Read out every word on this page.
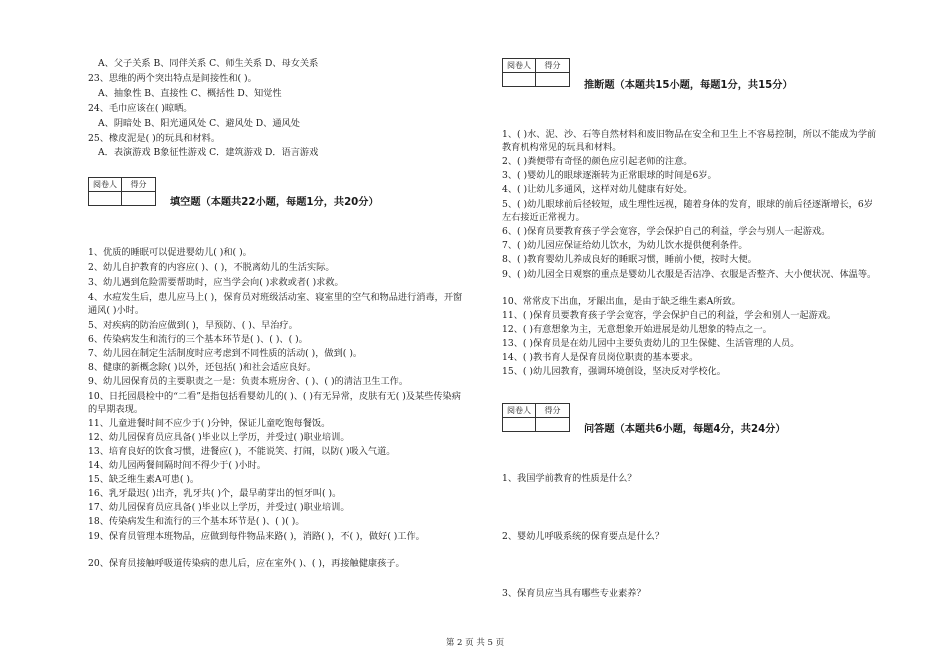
A、父子关系 B、同伴关系 C、师生关系 D、母女关系
23、思维的两个突出特点是间接性和( )。
A、抽象性 B、直接性 C、概括性 D、知觉性
24、毛巾应该在( )晾晒。
A、阴暗处 B、阳光通风处 C、避风处 D、通风处
25、橡皮泥是( )的玩具和材料。
A．表演游戏 B象征性游戏 C．建筑游戏 D．语言游戏
阅卷人	得分
填空题（本题共22小题，每题1分，共20分）
1、优质的睡眠可以促进婴幼儿( )和( )。
2、幼儿自护教育的内容应( )、( )，不脱离幼儿的生活实际。
3、幼儿遇到危险需要帮助时，应当学会向( )求救或者( )求救。
4、水痘发生后，患儿应马上( )，保育员对班级活动室、寝室里的空气和物品进行消毒，开窗通风( )小时。
5、对疾病的防治应做到( )，早预防、( )、早治疗。
6、传染病发生和流行的三个基本环节是( )、( )、( )。
7、幼儿园在制定生活制度时应考虑到不同性质的活动( )，做到( )。
8、健康的新概念除( )以外，还包括( )和社会适应良好。
9、幼儿园保育员的主要职责之一是：负责本班房舍、( )、( )的清洁卫生工作。
10、日托园晨检中的“二看”是指包括看婴幼儿的( )、( )有无异常，皮肤有无( )及某些传染病的早期表现。
11、儿童进餐时间不应少于( )分钟，保证儿童吃饱每餐饭。
12、幼儿园保育员应具备( )毕业以上学历，并受过( )职业培训。
13、培育良好的饮食习惯，进餐应( )，不能说笑、打闹，以防( )吸入气道。
14、幼儿园两餐间隔时间不得少于( )小时。
15、缺乏维生素A可患( )。
16、乳牙最迟( )出齐，乳牙共( )个，最早萌芽出的恒牙叫( )。
17、幼儿园保育员应具备( )毕业以上学历，并受过( )职业培训。
18、传染病发生和流行的三个基本环节是( )、( )( )。
19、保育员管理本班物品，应做到每件物品来路( )，消路( )，不( )，做好( )工作。
20、保育员接触呼吸道传染病的患儿后，应在室外( )、( )，再接触健康孩子。
阅卷人	得分
推断题（本题共15小题，每题1分，共15分）
1、( )水、泥、沙、石等自然材料和废旧物品在安全和卫生上不容易控制，所以不能成为学前教育机构常见的玩具和材料。
2、( )粪便带有奇怪的颜色应引起老师的注意。
3、( )婴幼儿的眼球逐渐转为正常眼球的时间是6岁。
4、( )让幼儿多通风，这样对幼儿健康有好处。
5、( )幼儿眼球前后径较短，成生理性远视，随着身体的发育，眼球的前后径逐渐增长，6岁左右接近正常视力。
6、( )保育员要教育孩子学会宽容，学会保护自己的利益，学会与别人一起游戏。
7、( )幼儿园应保证给幼儿饮水，为幼儿饮水提供便利条件。
8、( )教育婴幼儿养成良好的睡眠习惯，睡前小便，按时大便。
9、( )幼儿园全日观察的重点是婴幼儿衣服是否洁净、衣服是否整齐、大小便状况、体温等。
10、常常皮下出血，牙龈出血，是由于缺乏维生素A所致。
11、( )保育员要教育孩子学会宽容，学会保护自己的利益，学会和别人一起游戏。
12、( )有意想象为主，无意想象开始进展是幼儿想象的特点之一。
13、( )保育员是在幼儿园中主要负责幼儿的卫生保健、生活管理的人员。
14、( )教书育人是保育员岗位职责的基本要求。
15、( )幼儿园教育，强调环境创设，坚决反对学校化。
阅卷人	得分
问答题（本题共6小题，每题4分，共24分）
1、我国学前教育的性质是什么？
2、婴幼儿呼吸系统的保育要点是什么？
3、保育员应当具有哪些专业素养？
第 2 页 共 5 页
